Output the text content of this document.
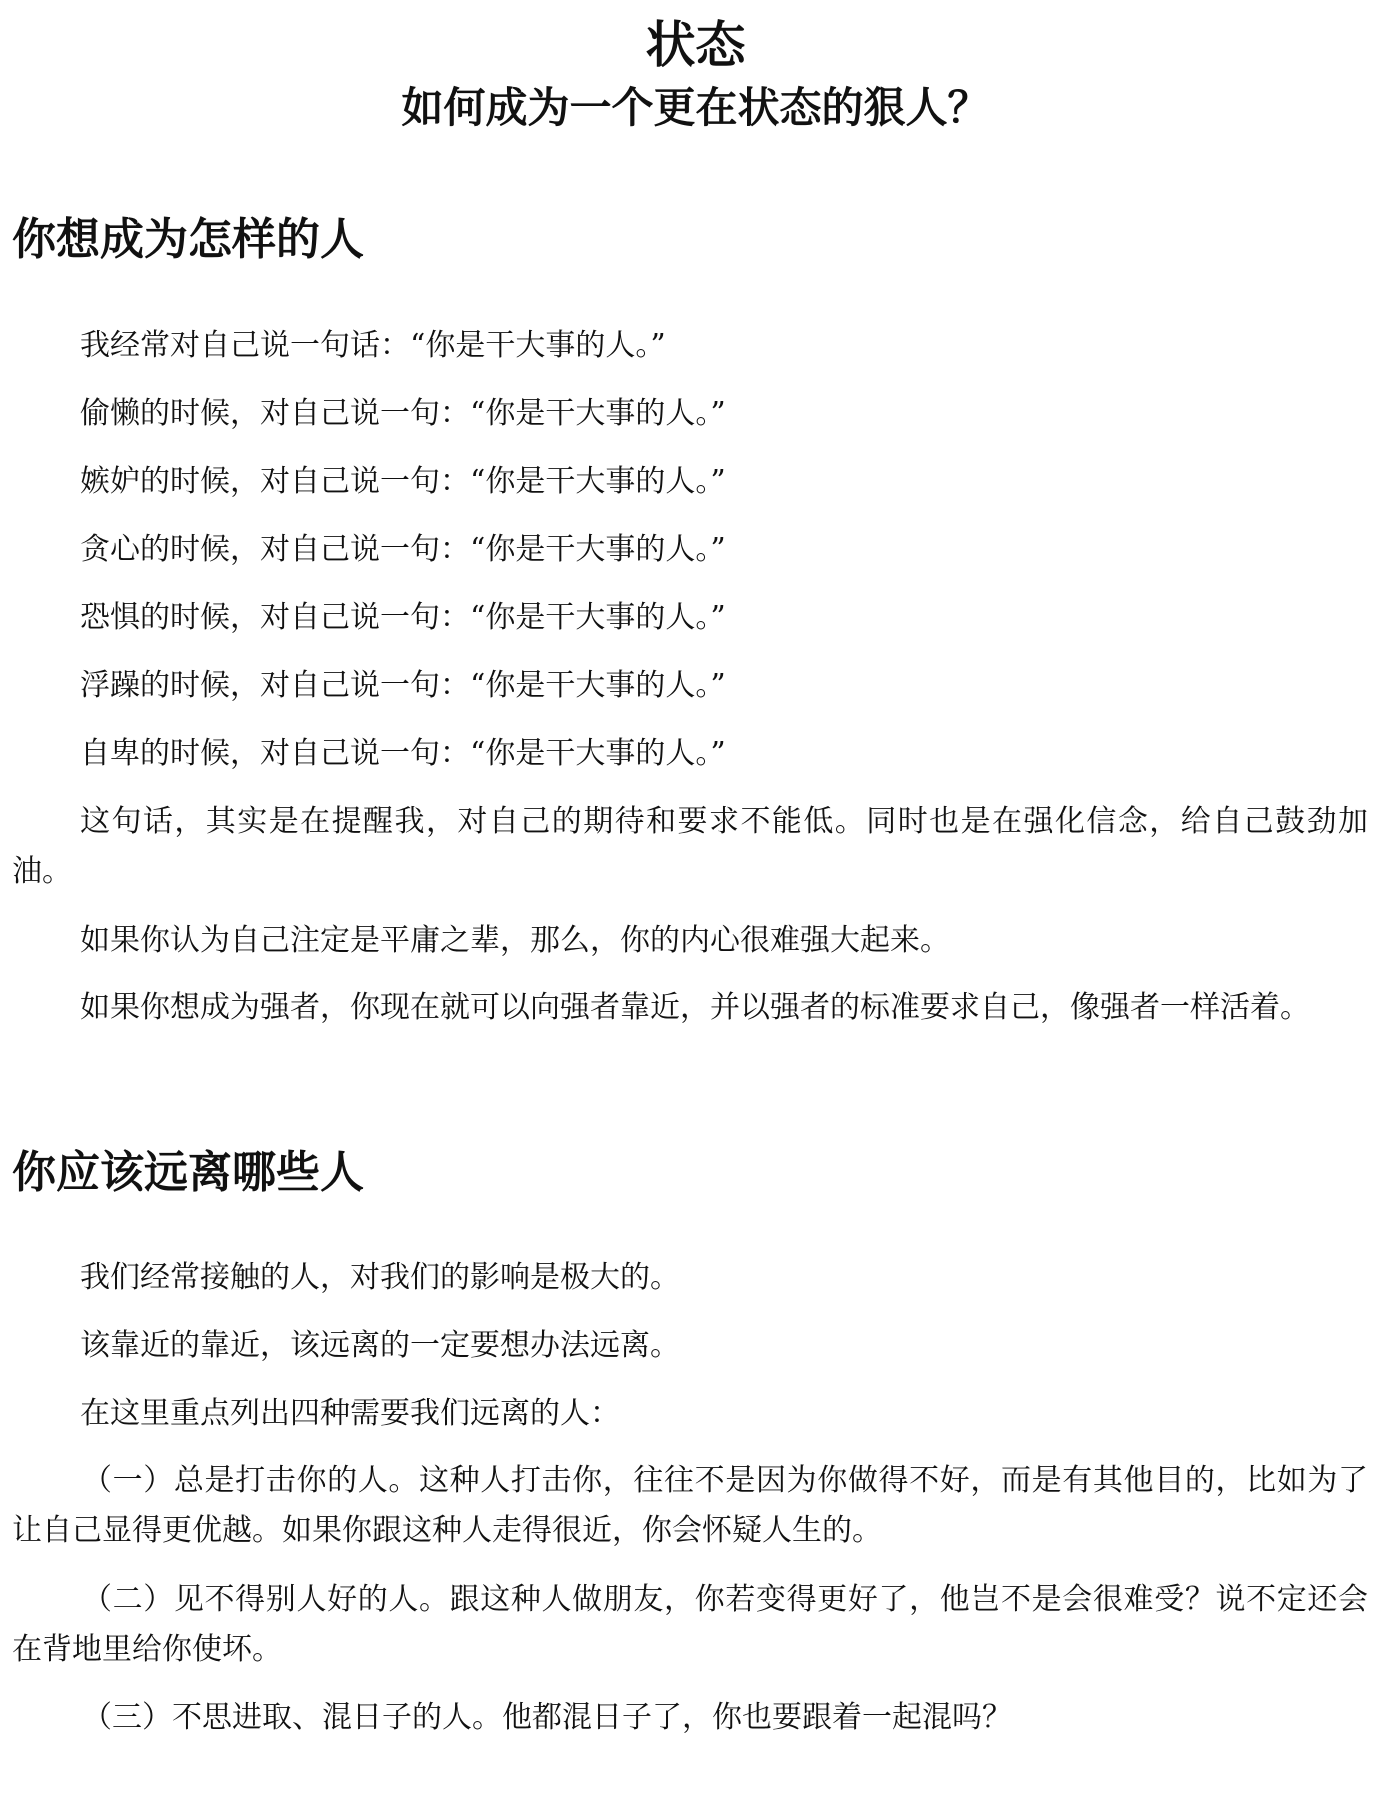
状态
如何成为一个更在状态的狠人？
你想成为怎样的人

我经常对自己说一句话：“你是干大事的人。”

偷懒的时候，对自己说一句：“你是干大事的人。”

嫉妒的时候，对自己说一句：“你是干大事的人。”

贪心的时候，对自己说一句：“你是干大事的人。”

恐惧的时候，对自己说一句：“你是干大事的人。”

浮躁的时候，对自己说一句：“你是干大事的人。”

自卑的时候，对自己说一句：“你是干大事的人。”

这句话，其实是在提醒我，对自己的期待和要求不能低。同时也是在强化信念，给自己鼓劲加油。

如果你认为自己注定是平庸之辈，那么，你的内心很难强大起来。

如果你想成为强者，你现在就可以向强者靠近，并以强者的标准要求自己，像强者一样活着。

你应该远离哪些人

我们经常接触的人，对我们的影响是极大的。

该靠近的靠近，该远离的一定要想办法远离。

在这里重点列出四种需要我们远离的人：

（一）总是打击你的人。这种人打击你，往往不是因为你做得不好，而是有其他目的，比如为了让自己显得更优越。如果你跟这种人走得很近，你会怀疑人生的。

（二）见不得别人好的人。跟这种人做朋友，你若变得更好了，他岂不是会很难受？说不定还会在背地里给你使坏。

（三）不思进取、混日子的人。他都混日子了，你也要跟着一起混吗？
